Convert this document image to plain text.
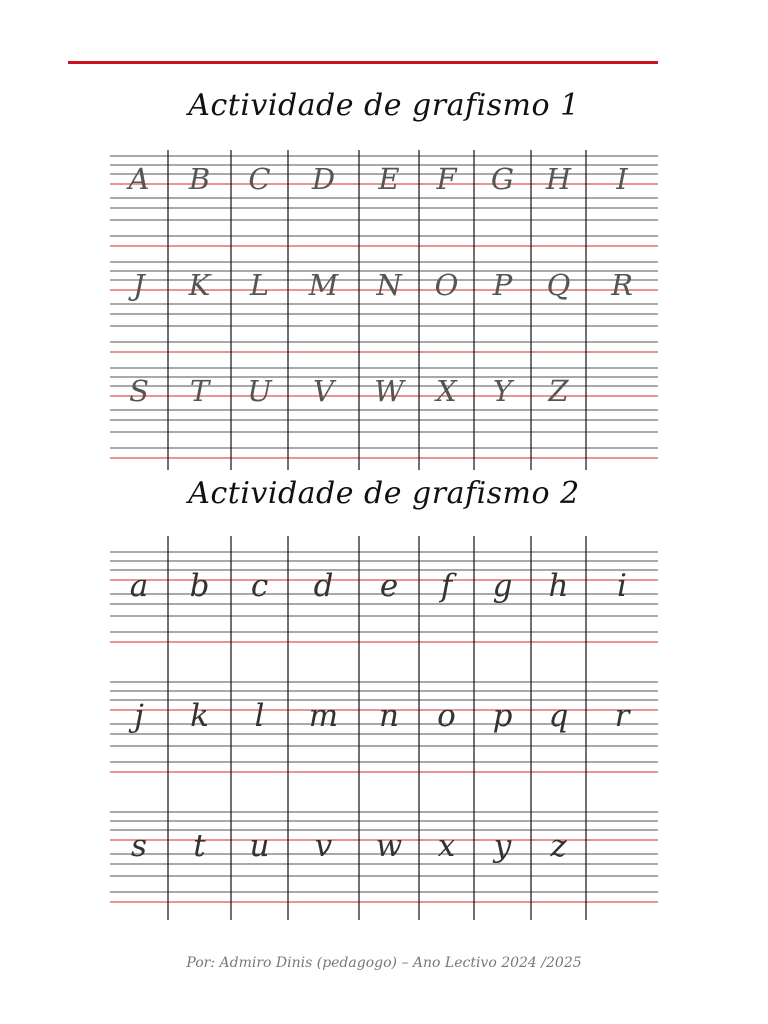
Actividade de grafismo 1
A	B	C	D	E	F	G	H	I
J	K	L	M	N	O	P	Q	R
S	T	U	V	W	X	Y	Z
Actividade de grafismo 2
a	b	c	d	e	f	g	h	i
j	k	l	m	n	o	p	q	r
s	t	u	v	w	x	y	z
Por: Admiro Dinis (pedagogo) – Ano Lectivo 2024 /2025
